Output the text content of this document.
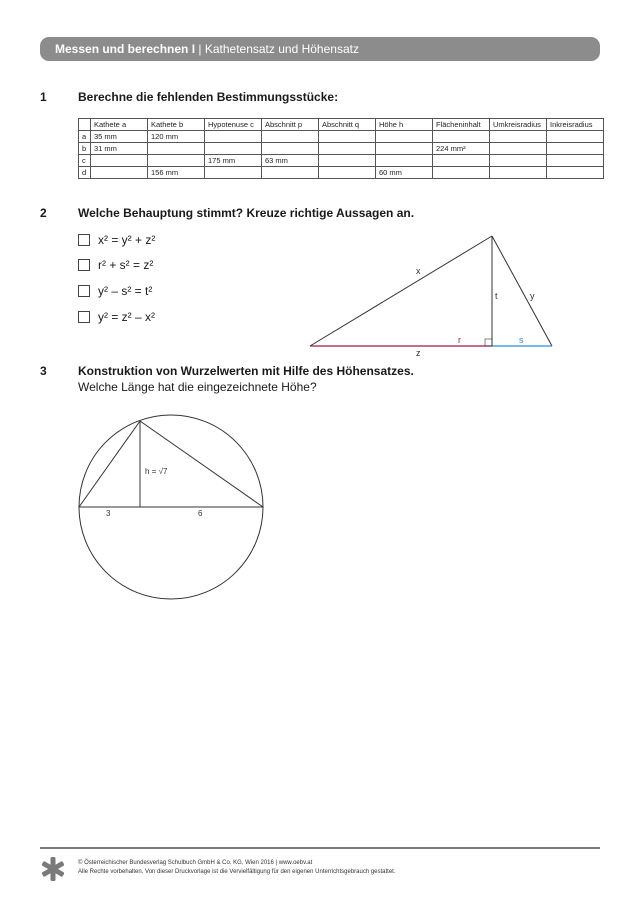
Messen und berechnen I | Kathetensatz und Höhensatz
1	Berechne die fehlenden Bestimmungsstücke:
	Kathete a	Kathete b	Hypotenuse c	Abschnitt p	Abschnitt q	Höhe h	Flächeninhalt	Umkreisradius	Inkreisradius
a	35 mm	120 mm							
b	31 mm						224 mm²		
c			175 mm	63 mm					
d		156 mm				60 mm			
2	Welche Behauptung stimmt? Kreuze richtige Aussagen an.
x² = y² + z²
r² + s² = z²
y² – s² = t²
y² = z² – x²
x
y
t
r	s
z
3	Konstruktion von Wurzelwerten mit Hilfe des Höhensatzes.
Welche Länge hat die eingezeichnete Höhe?
h = √7
3	6
© Österreichischer Bundesverlag Schulbuch GmbH & Co. KG, Wien 2016 | www.oebv.at
Alle Rechte vorbehalten. Von dieser Druckvorlage ist die Vervielfältigung für den eigenen Unterrichtsgebrauch gestattet.
